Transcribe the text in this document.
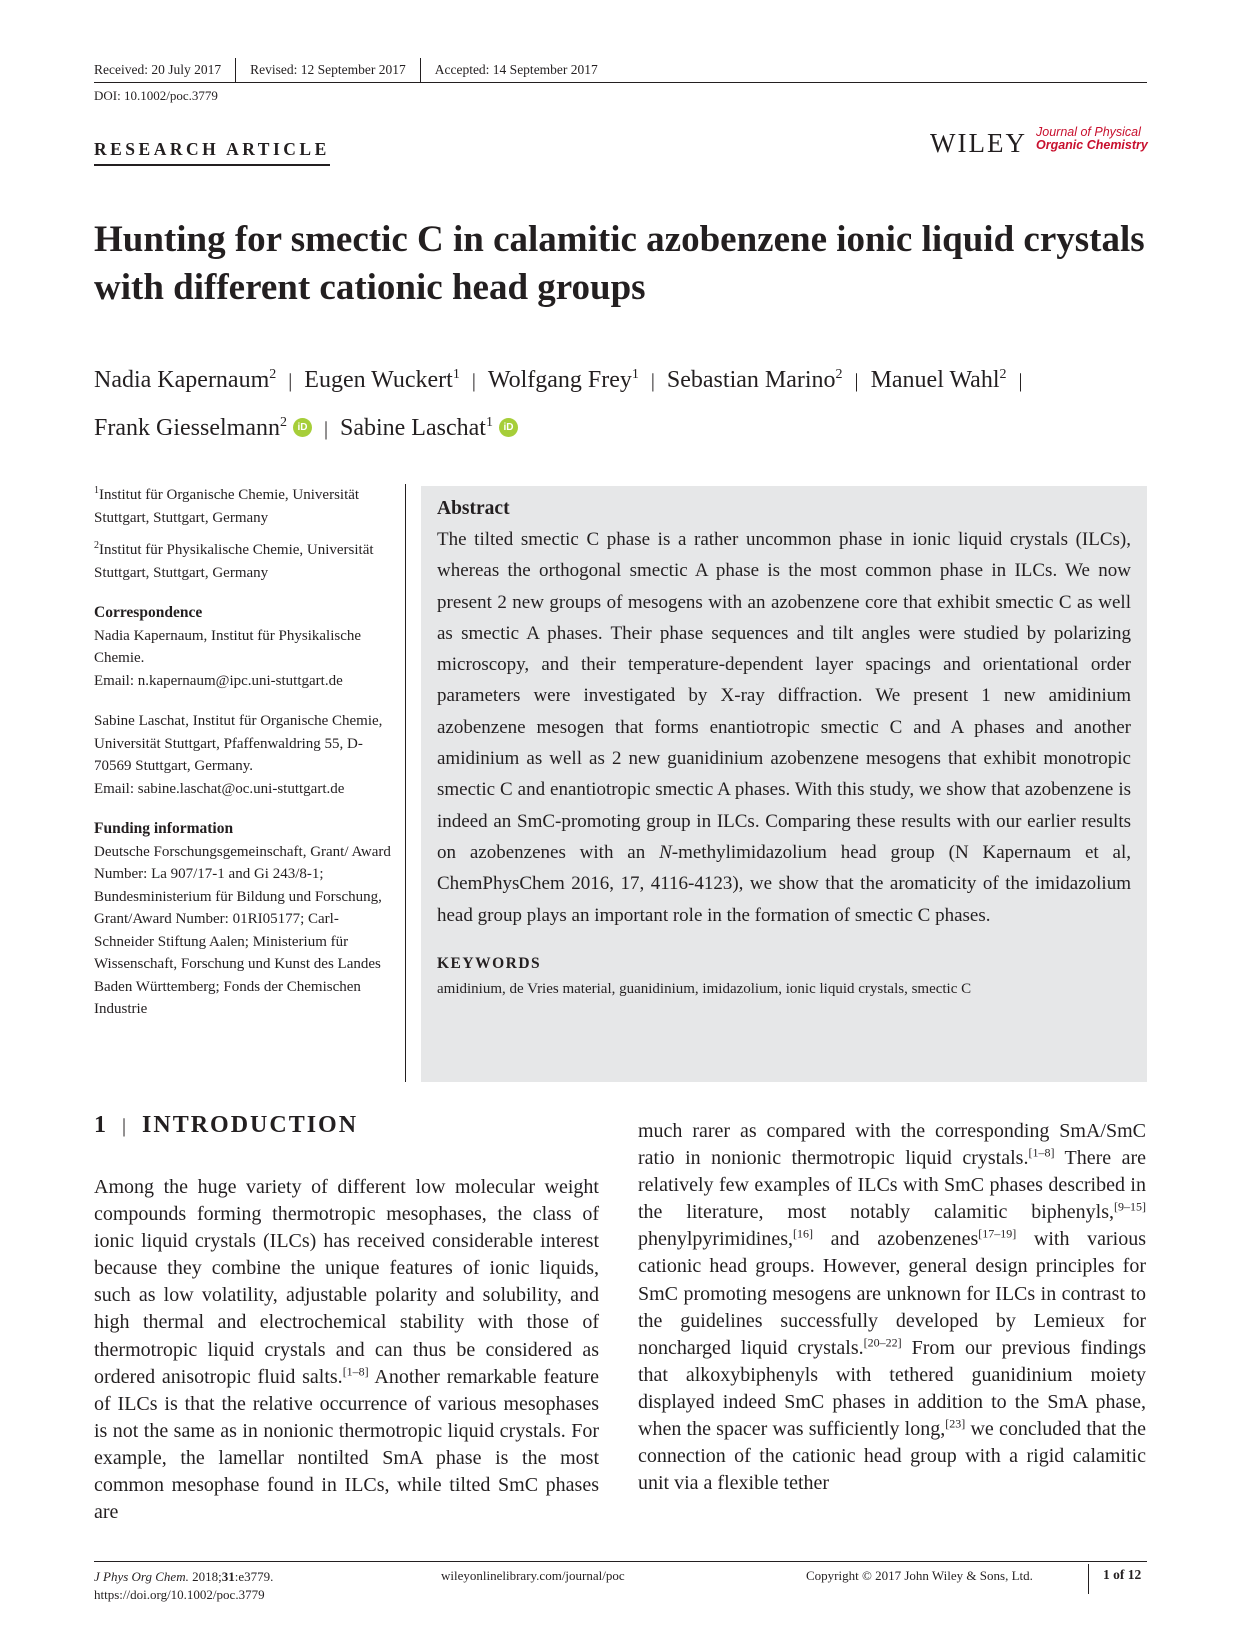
Received: 20 July 2017	Revised: 12 September 2017	Accepted: 14 September 2017
DOI: 10.1002/poc.3779
RESEARCH ARTICLE	WILEY Journal of Physical
Organic Chemistry
Hunting for smectic C in calamitic azobenzene ionic liquid crystals with different cationic head groups
Nadia Kapernaum$^2$ | Eugen Wuckert$^1$ | Wolfgang Frey$^1$ | Sebastian Marino$^2$ | Manuel Wahl$^2$ |
Frank Giesselmann$^2$ iD | Sabine Laschat$^1$ iD

$^1$Institut für Organische Chemie, Universität Stuttgart, Stuttgart, Germany

$^2$Institut für Physikalische Chemie, Universität Stuttgart, Stuttgart, Germany

Correspondence

Nadia Kapernaum, Institut für Physikalische Chemie.

Email: n.kapernaum@ipc.uni-stuttgart.de

Sabine Laschat, Institut für Organische Chemie, Universität Stuttgart, Pfaffenwaldring 55, D-70569 Stuttgart, Germany.

Email: sabine.laschat@oc.uni-stuttgart.de

Funding information

Deutsche Forschungsgemeinschaft, Grant/ Award Number: La 907/17-1 and Gi 243/8-1; Bundesministerium für Bildung und Forschung, Grant/Award Number: 01RI05177; Carl-Schneider Stiftung Aalen; Ministerium für Wissenschaft, Forschung und Kunst des Landes Baden Württemberg; Fonds der Chemischen Industrie

Abstract

The tilted smectic C phase is a rather uncommon phase in ionic liquid crystals (ILCs), whereas the orthogonal smectic A phase is the most common phase in ILCs. We now present 2 new groups of mesogens with an azobenzene core that exhibit smectic C as well as smectic A phases. Their phase sequences and tilt angles were studied by polarizing microscopy, and their temperature-dependent layer spacings and orientational order parameters were investigated by X-ray diffraction. We present 1 new amidinium azobenzene mesogen that forms enantiotropic smectic C and A phases and another amidinium as well as 2 new guanidinium azobenzene mesogens that exhibit monotropic smectic C and enantiotropic smectic A phases. With this study, we show that azobenzene is indeed an SmC-promoting group in ILCs. Comparing these results with our earlier results on azobenzenes with an N-methylimidazolium head group (N Kapernaum et al, ChemPhysChem 2016, 17, 4116-4123), we show that the aromaticity of the imidazolium head group plays an important role in the formation of smectic C phases.

KEYWORDS
amidinium, de Vries material, guanidinium, imidazolium, ionic liquid crystals, smectic C
1 | INTRODUCTION
Among the huge variety of different low molecular weight compounds forming thermotropic mesophases, the class of ionic liquid crystals (ILCs) has received considerable interest because they combine the unique features of ionic liquids, such as low volatility, adjustable polarity and solubility, and high thermal and electrochemical stability with those of thermotropic liquid crystals and can thus be considered as ordered anisotropic fluid salts.[1–8] Another remarkable feature of ILCs is that the relative occurrence of various mesophases is not the same as in nonionic thermotropic liquid crystals. For example, the lamellar nontilted SmA phase is the most common mesophase found in ILCs, while tilted SmC phases are
much rarer as compared with the corresponding SmA/SmC ratio in nonionic thermotropic liquid crystals.[1–8] There are relatively few examples of ILCs with SmC phases described in the literature, most notably calamitic biphenyls,[9–15] phenylpyrimidines,[16] and azobenzenes[17–19] with various cationic head groups. However, general design principles for SmC promoting mesogens are unknown for ILCs in contrast to the guidelines successfully developed by Lemieux for noncharged liquid crystals.[20–22] From our previous findings that alkoxybiphenyls with tethered guanidinium moiety displayed indeed SmC phases in addition to the SmA phase, when the spacer was sufficiently long,[23] we concluded that the connection of the cationic head group with a rigid calamitic unit via a flexible tether
J Phys Org Chem. 2018;31:e3779.
https://doi.org/10.1002/poc.3779
wileyonlinelibrary.com/journal/poc	Copyright © 2017 John Wiley & Sons, Ltd.	1 of 12
